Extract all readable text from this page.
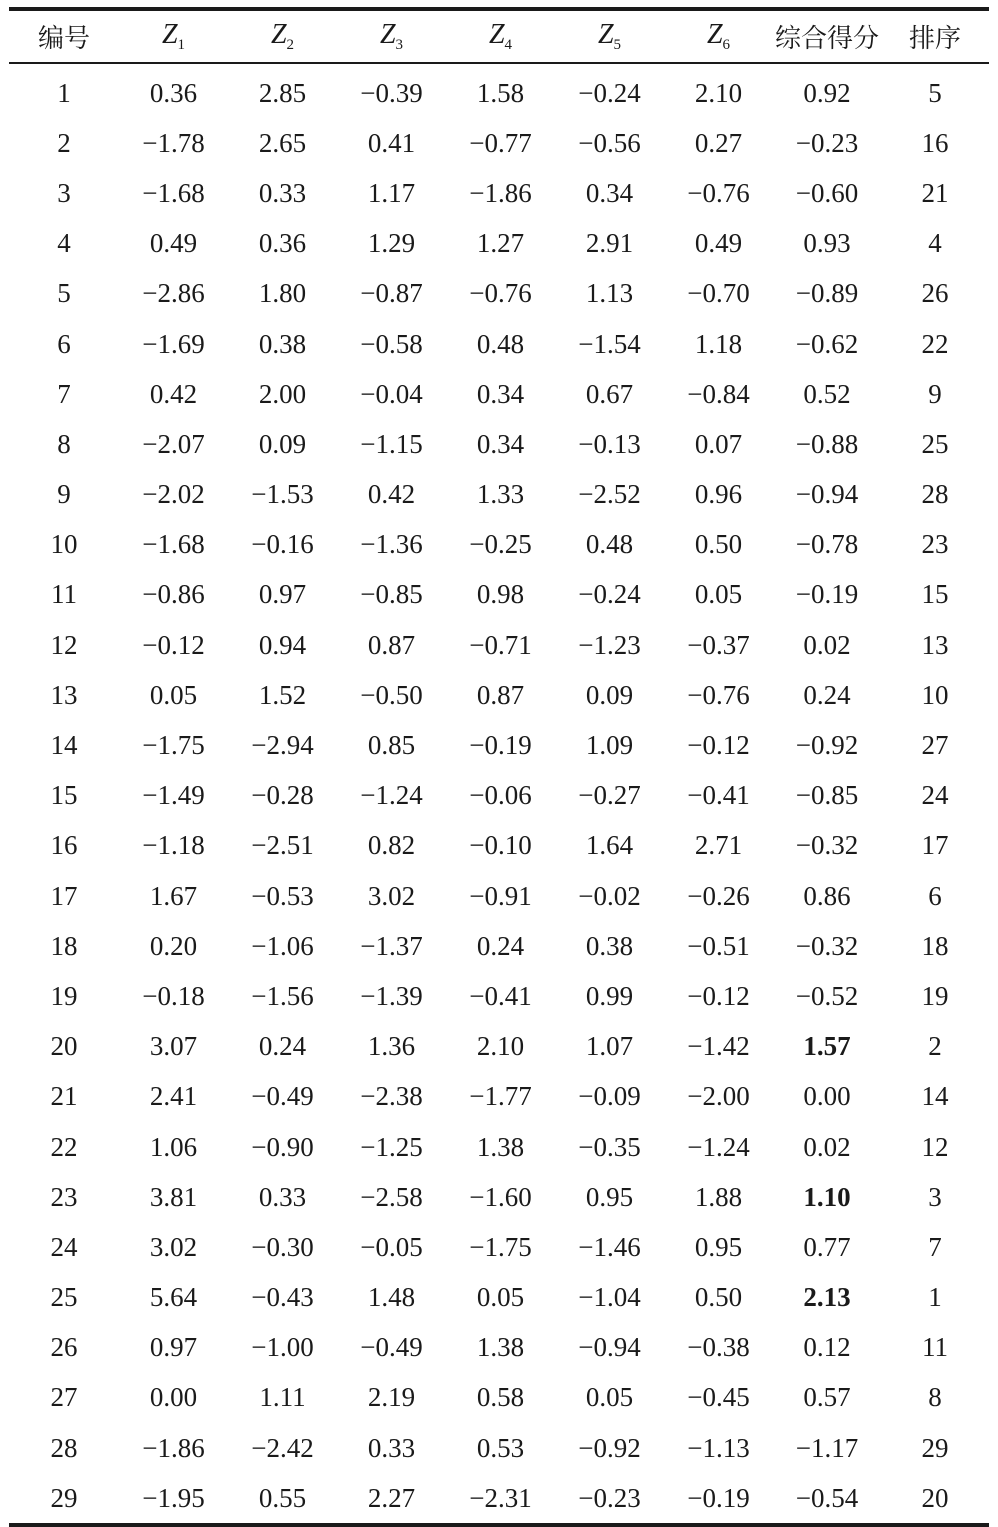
编号	$Z_1$	$Z_2$	$Z_3$	$Z_4$	$Z_5$	$Z_6$	综合得分	排序
1	0.36	2.85	−0.39	1.58	−0.24	2.10	0.92	5
2	−1.78	2.65	0.41	−0.77	−0.56	0.27	−0.23	16
3	−1.68	0.33	1.17	−1.86	0.34	−0.76	−0.60	21
4	0.49	0.36	1.29	1.27	2.91	0.49	0.93	4
5	−2.86	1.80	−0.87	−0.76	1.13	−0.70	−0.89	26
6	−1.69	0.38	−0.58	0.48	−1.54	1.18	−0.62	22
7	0.42	2.00	−0.04	0.34	0.67	−0.84	0.52	9
8	−2.07	0.09	−1.15	0.34	−0.13	0.07	−0.88	25
9	−2.02	−1.53	0.42	1.33	−2.52	0.96	−0.94	28
10	−1.68	−0.16	−1.36	−0.25	0.48	0.50	−0.78	23
11	−0.86	0.97	−0.85	0.98	−0.24	0.05	−0.19	15
12	−0.12	0.94	0.87	−0.71	−1.23	−0.37	0.02	13
13	0.05	1.52	−0.50	0.87	0.09	−0.76	0.24	10
14	−1.75	−2.94	0.85	−0.19	1.09	−0.12	−0.92	27
15	−1.49	−0.28	−1.24	−0.06	−0.27	−0.41	−0.85	24
16	−1.18	−2.51	0.82	−0.10	1.64	2.71	−0.32	17
17	1.67	−0.53	3.02	−0.91	−0.02	−0.26	0.86	6
18	0.20	−1.06	−1.37	0.24	0.38	−0.51	−0.32	18
19	−0.18	−1.56	−1.39	−0.41	0.99	−0.12	−0.52	19
20	3.07	0.24	1.36	2.10	1.07	−1.42	1.57	2
21	2.41	−0.49	−2.38	−1.77	−0.09	−2.00	0.00	14
22	1.06	−0.90	−1.25	1.38	−0.35	−1.24	0.02	12
23	3.81	0.33	−2.58	−1.60	0.95	1.88	1.10	3
24	3.02	−0.30	−0.05	−1.75	−1.46	0.95	0.77	7
25	5.64	−0.43	1.48	0.05	−1.04	0.50	2.13	1
26	0.97	−1.00	−0.49	1.38	−0.94	−0.38	0.12	11
27	0.00	1.11	2.19	0.58	0.05	−0.45	0.57	8
28	−1.86	−2.42	0.33	0.53	−0.92	−1.13	−1.17	29
29	−1.95	0.55	2.27	−2.31	−0.23	−0.19	−0.54	20
